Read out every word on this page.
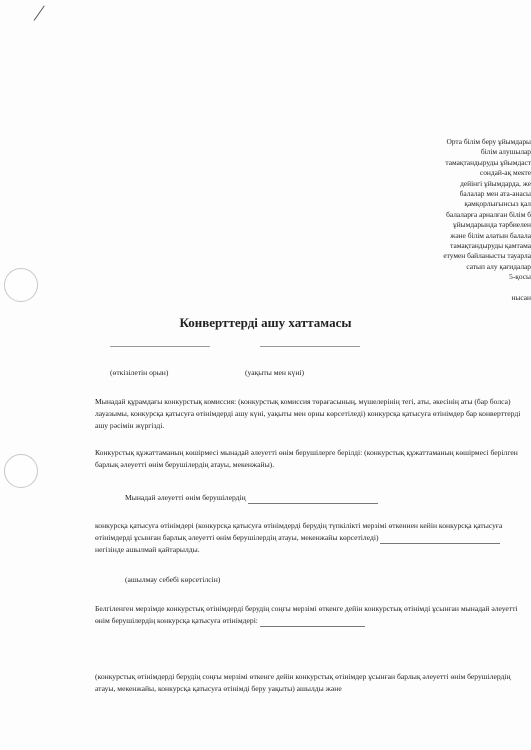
Орта білім беру ұйымдары
білім алушылар
тамақтандыруды ұйымдаст
сондай-ақ мекте
дейінгі ұйымдарда, же
балалар мен ата-анасы
қамқорлығынсыз қал
балаларға арналған білім б
ұйымдарында тәрбиелен
және білім алатын балала
тамақтандыруды қамтама
етумен байланысты тауарла
сатып алу қағидалар
5-қосы

нысан
Конверттерді ашу хаттамасы
(өткізілетін орын)	(уақыты мен күні)
Мынадай құрамдағы конкурстық комиссия: (конкурстық комиссия төрағасының, мүшелерінің тегі, аты, әкесінің аты (бар болса) лауазымы, конкурсқа қатысуға өтінімдерді ашу күні, уақыты мен орны көрсетіледі) конкурсқа қатысуға өтінімдер бар конверттерді ашу рәсімін жүргізді.
Конкурстық құжаттаманың көшірмесі мынадай әлеуетті өнім берушілерге берілді: (конкурстық құжаттаманың көшірмесі берілген барлық әлеуетті өнім берушілердің атауы, мекенжайы).
Мынадай әлеуетті өнім берушілердің
конкурсқа қатысуға өтінімдері (конкурсқа қатысуға өтінімдерді берудің түпкілікті мерзімі өткеннен кейін конкурсқа қатысуға өтінімдерді ұсынған барлық әлеуетті өнім берушілердің атауы, мекенжайы көрсетіледі)  негізінде ашылмай қайтарылды.
(ашылмау себебі көрсетілсін)
Белгіленген мерзімде конкурстық өтінімдерді берудің соңғы мерзімі өткенге дейін конкурстық өтінімді ұсынған мынадай әлеуетті өнім берушілердің конкурсқа қатысуға өтінімдері:
(конкурстық өтінімдерді берудің соңғы мерзімі өткенге дейін конкурстық өтінімдер ұсынған барлық әлеуетті өнім берушілердің атауы, мекенжайы, конкурсқа қатысуға өтінімді беру уақыты) ашылды және
